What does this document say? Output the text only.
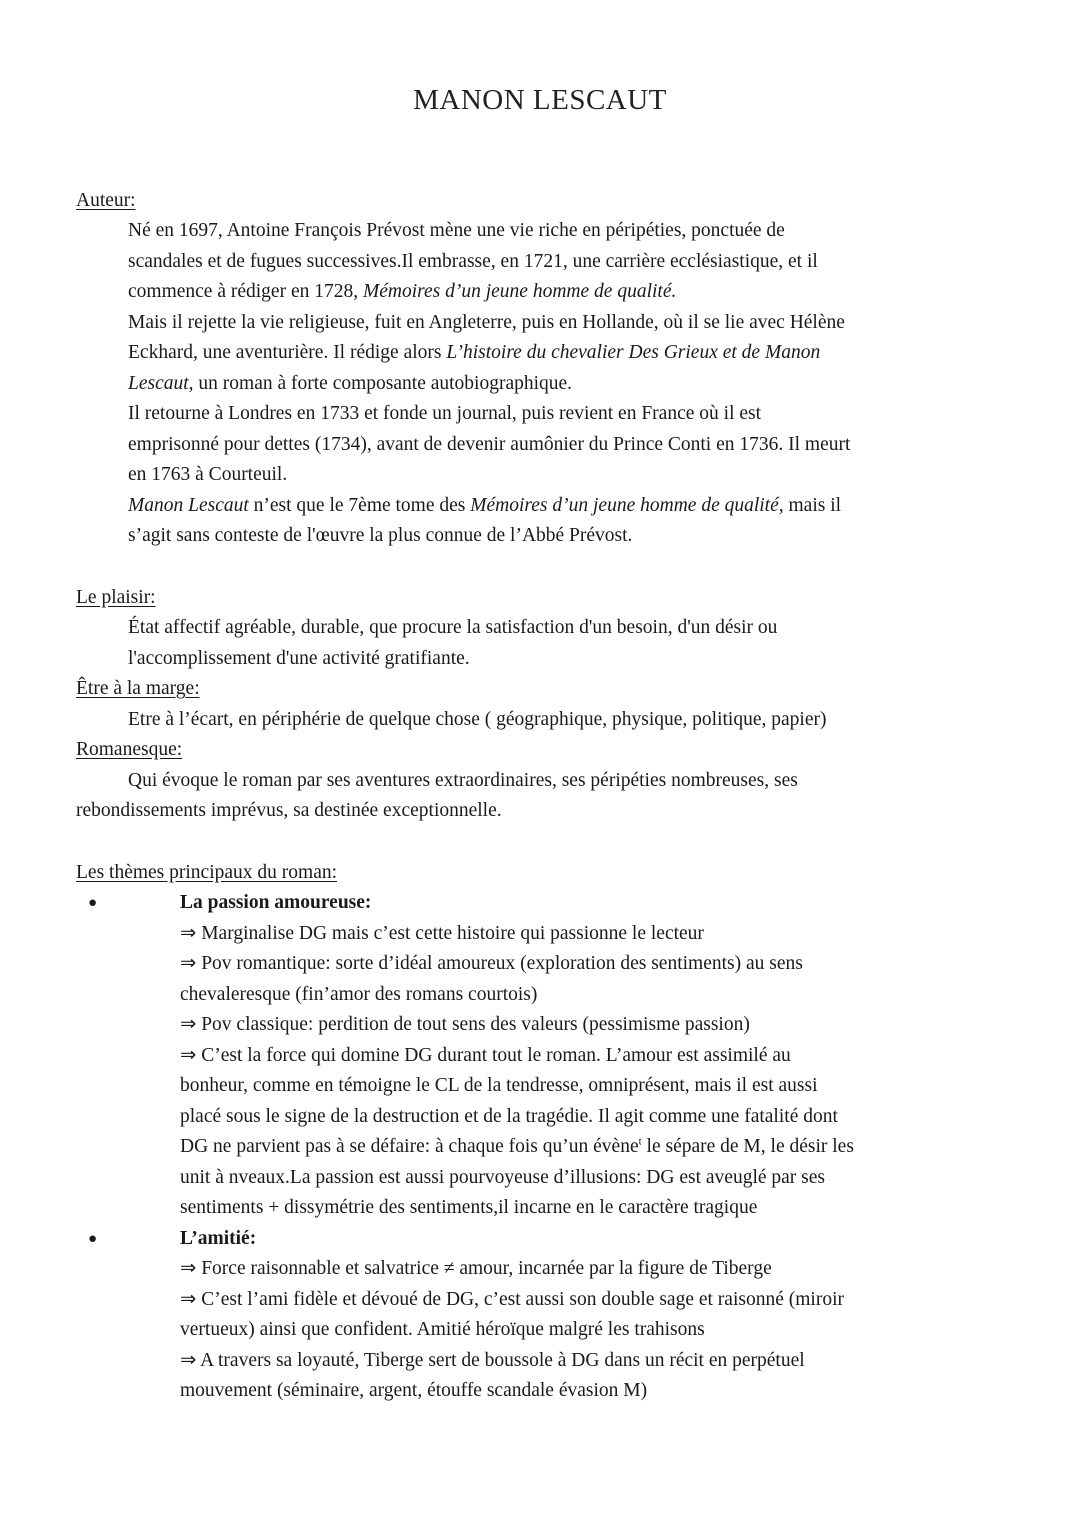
MANON LESCAUT
Auteur:
Né en 1697, Antoine François Prévost mène une vie riche en péripéties, ponctuée de
scandales et de fugues successives.Il embrasse, en 1721, une carrière ecclésiastique, et il
commence à rédiger en 1728, Mémoires d’un jeune homme de qualité.
Mais il rejette la vie religieuse, fuit en Angleterre, puis en Hollande, où il se lie avec Hélène
Eckhard, une aventurière. Il rédige alors L’histoire du chevalier Des Grieux et de Manon
Lescaut, un roman à forte composante autobiographique.
Il retourne à Londres en 1733 et fonde un journal, puis revient en France où il est
emprisonné pour dettes (1734), avant de devenir aumônier du Prince Conti en 1736. Il meurt
en 1763 à Courteuil.
Manon Lescaut n’est que le 7ème tome des Mémoires d’un jeune homme de qualité, mais il
s’agit sans conteste de l'œuvre la plus connue de l’Abbé Prévost.
Le plaisir:
État affectif agréable, durable, que procure la satisfaction d'un besoin, d'un désir ou
l'accomplissement d'une activité gratifiante.
Être à la marge:
Etre à l’écart, en périphérie de quelque chose ( géographique, physique, politique, papier)
Romanesque:
Qui évoque le roman par ses aventures extraordinaires, ses péripéties nombreuses, ses
rebondissements imprévus, sa destinée exceptionnelle.
Les thèmes principaux du roman:
●	La passion amoureuse:
⇒ Marginalise DG mais c’est cette histoire qui passionne le lecteur
⇒ Pov romantique: sorte d’idéal amoureux (exploration des sentiments) au sens
chevaleresque (fin’amor des romans courtois)
⇒ Pov classique: perdition de tout sens des valeurs (pessimisme passion)
⇒ C’est la force qui domine DG durant tout le roman. L’amour est assimilé au
bonheur, comme en témoigne le CL de la tendresse, omniprésent, mais il est aussi
placé sous le signe de la destruction et de la tragédie. Il agit comme une fatalité dont
DG ne parvient pas à se défaire: à chaque fois qu’un évène$^t$ le sépare de M, le désir les
unit à nveaux.La passion est aussi pourvoyeuse d’illusions: DG est aveuglé par ses
sentiments + dissymétrie des sentiments,il incarne en le caractère tragique
●	L’amitié:
⇒ Force raisonnable et salvatrice ≠ amour, incarnée par la figure de Tiberge
⇒ C’est l’ami fidèle et dévoué de DG, c’est aussi son double sage et raisonné (miroir
vertueux) ainsi que confident. Amitié héroïque malgré les trahisons
⇒ A travers sa loyauté, Tiberge sert de boussole à DG dans un récit en perpétuel
mouvement (séminaire, argent, étouffe scandale évasion M)
